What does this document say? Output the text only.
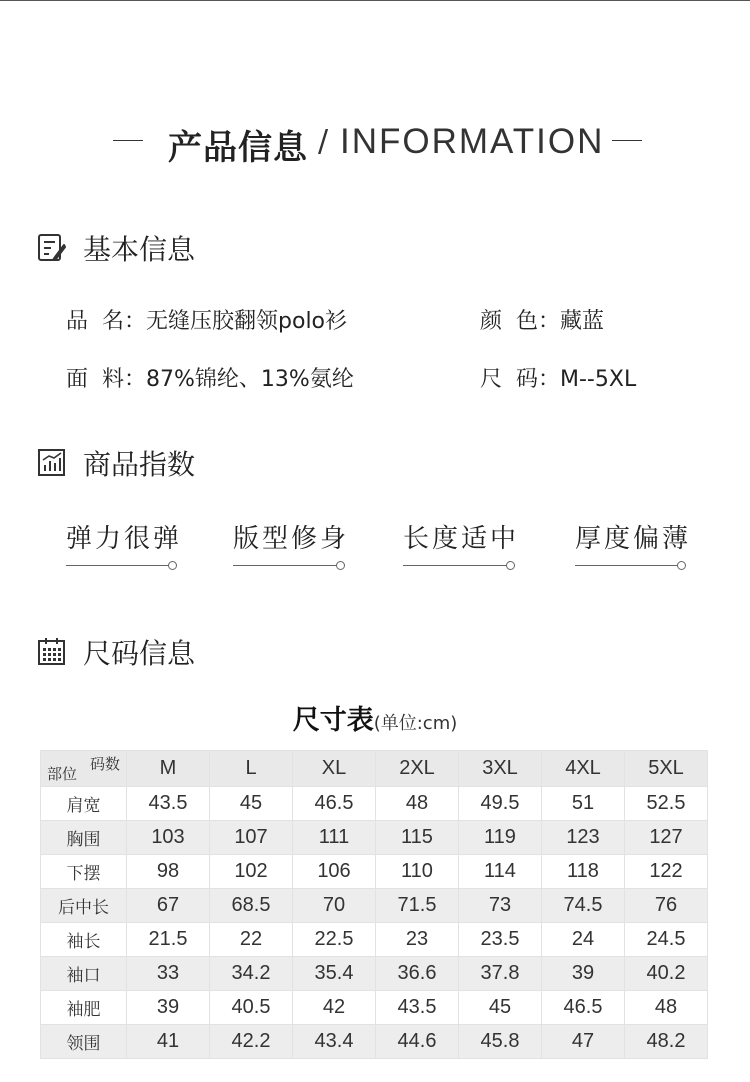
产品信息 / INFORMATION
基本信息
品  名：无缝压胶翻领polo衫	颜  色：藏蓝
面  料：87%锦纶、13%氨纶	尺  码：M--5XL
商品指数
弹力很弹 版型修身 长度适中 厚度偏薄
尺码信息
尺寸表(单位:cm)
码数
部位	M	L	XL	2XL	3XL	4XL	5XL
肩宽	43.5	45	46.5	48	49.5	51	52.5
胸围	103	107	111	115	119	123	127
下摆	98	102	106	110	114	118	122
后中长	67	68.5	70	71.5	73	74.5	76
袖长	21.5	22	22.5	23	23.5	24	24.5
袖口	33	34.2	35.4	36.6	37.8	39	40.2
袖肥	39	40.5	42	43.5	45	46.5	48
领围	41	42.2	43.4	44.6	45.8	47	48.2
